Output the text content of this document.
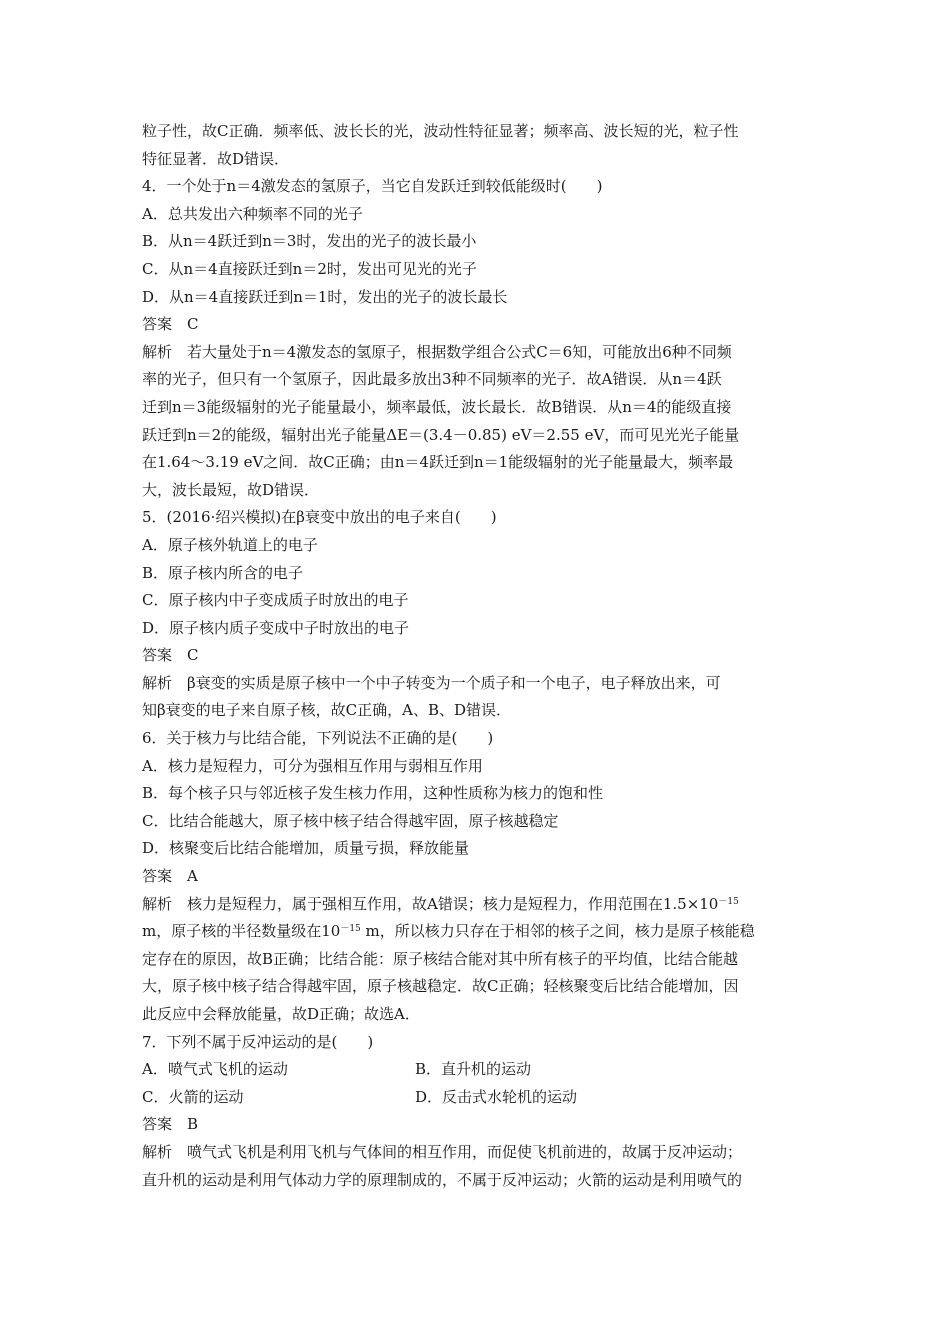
粒子性，故C正确．频率低、波长长的光，波动性特征显著；频率高、波长短的光，粒子性
特征显著．故D错误．
4．一个处于n＝4激发态的氢原子，当它自发跃迁到较低能级时(　　)
A．总共发出六种频率不同的光子
B．从n＝4跃迁到n＝3时，发出的光子的波长最小
C．从n＝4直接跃迁到n＝2时，发出可见光的光子
D．从n＝4直接跃迁到n＝1时，发出的光子的波长最长
答案　C
解析　若大量处于n＝4激发态的氢原子，根据数学组合公式C＝6知，可能放出6种不同频
率的光子，但只有一个氢原子，因此最多放出3种不同频率的光子．故A错误．从n＝4跃
迁到n＝3能级辐射的光子能量最小，频率最低，波长最长．故B错误．从n＝4的能级直接
跃迁到n＝2的能级，辐射出光子能量ΔE＝(3.4－0.85) eV＝2.55 eV，而可见光光子能量
在1.64～3.19 eV之间．故C正确；由n＝4跃迁到n＝1能级辐射的光子能量最大，频率最
大，波长最短，故D错误．
5．(2016·绍兴模拟)在β衰变中放出的电子来自(　　)
A．原子核外轨道上的电子
B．原子核内所含的电子
C．原子核内中子变成质子时放出的电子
D．原子核内质子变成中子时放出的电子
答案　C
解析　β衰变的实质是原子核中一个中子转变为一个质子和一个电子，电子释放出来，可
知β衰变的电子来自原子核，故C正确，A、B、D错误．
6．关于核力与比结合能，下列说法不正确的是(　　)
A．核力是短程力，可分为强相互作用与弱相互作用
B．每个核子只与邻近核子发生核力作用，这种性质称为核力的饱和性
C．比结合能越大，原子核中核子结合得越牢固，原子核越稳定
D．核聚变后比结合能增加，质量亏损，释放能量
答案　A
解析　核力是短程力，属于强相互作用，故A错误；核力是短程力，作用范围在$1.5\times 10^{-15}$
m，原子核的半径数量级在$10^{-15}$ m，所以核力只存在于相邻的核子之间，核力是原子核能稳
定存在的原因，故B正确；比结合能：原子核结合能对其中所有核子的平均值，比结合能越
大，原子核中核子结合得越牢固，原子核越稳定．故C正确；轻核聚变后比结合能增加，因
此反应中会释放能量，故D正确；故选A．
7．下列不属于反冲运动的是(　　)
A．喷气式飞机的运动	B．直升机的运动
C．火箭的运动	D．反击式水轮机的运动
答案　B
解析　喷气式飞机是利用飞机与气体间的相互作用，而促使飞机前进的，故属于反冲运动；
直升机的运动是利用气体动力学的原理制成的，不属于反冲运动；火箭的运动是利用喷气的
